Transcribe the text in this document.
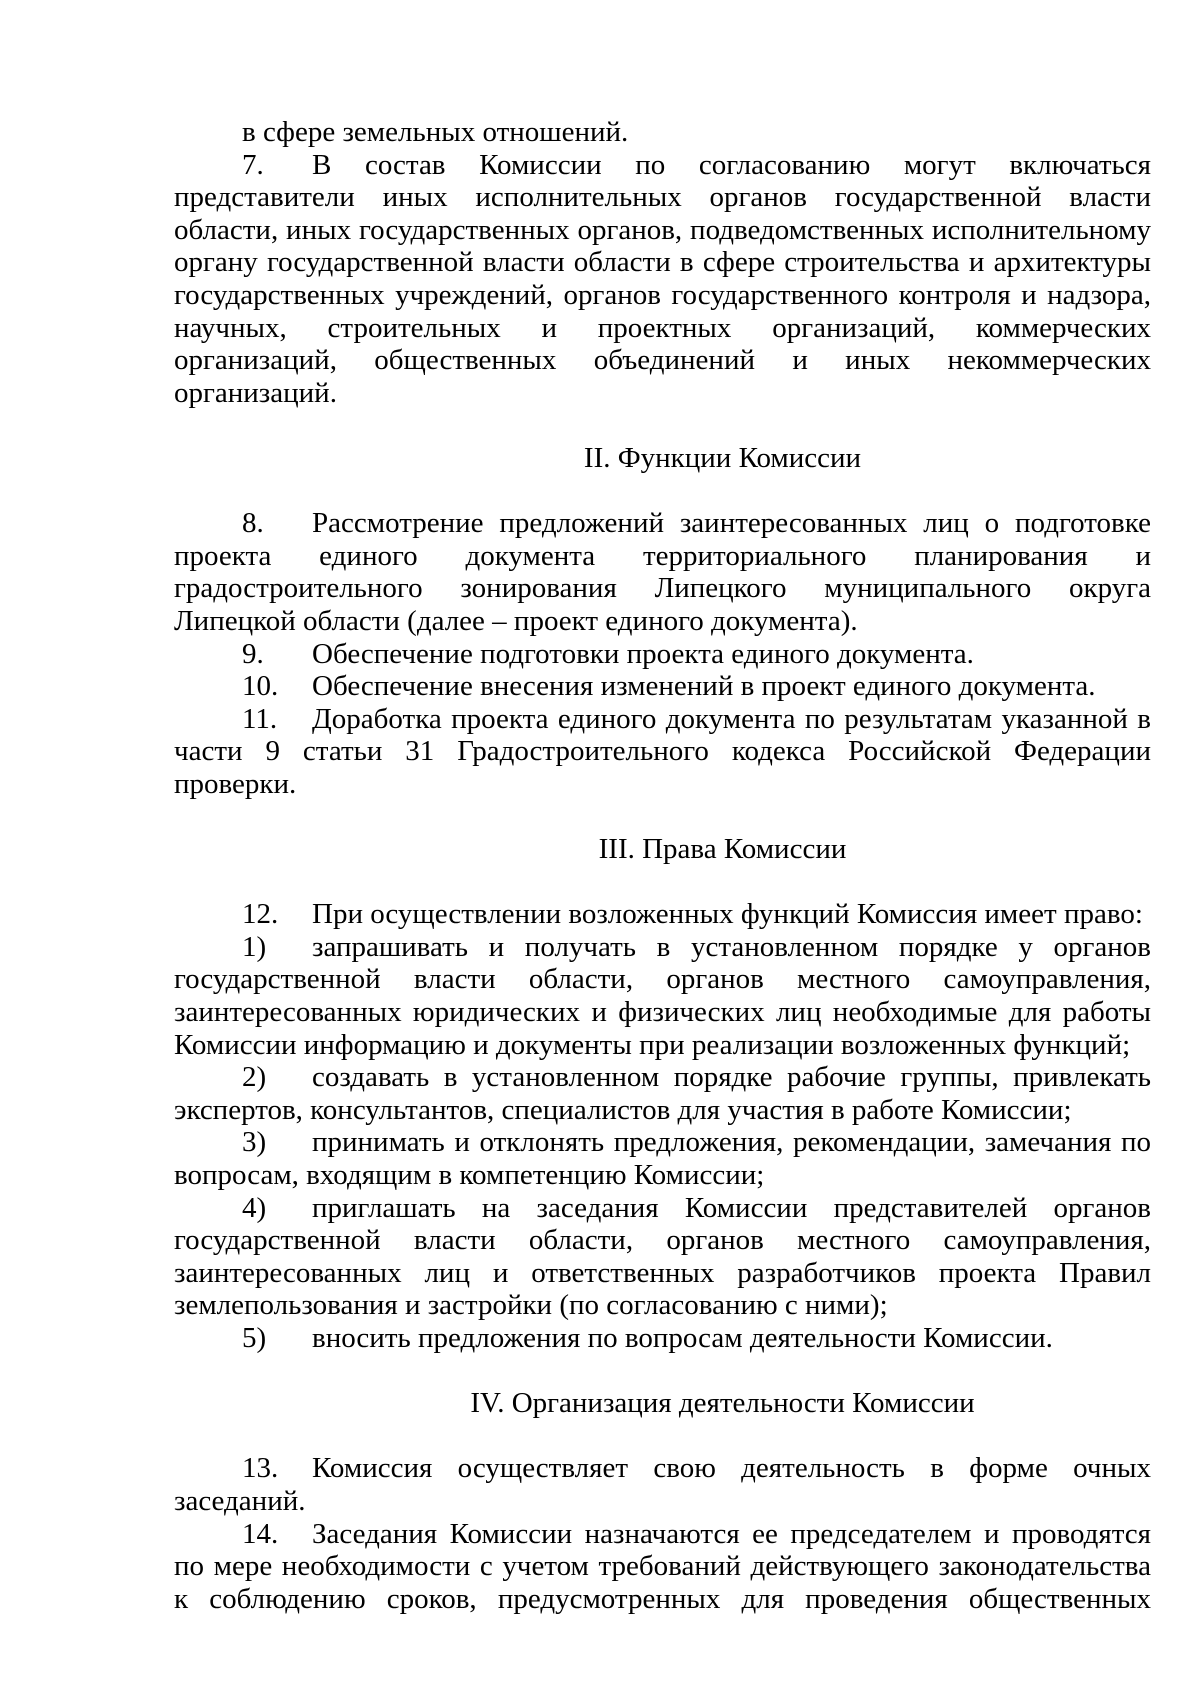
в сфере земельных отношений.

7. В состав Комиссии по согласованию могут включаться представители иных исполнительных органов государственной власти области, иных государственных органов, подведомственных исполнительному органу государственной власти области в сфере строительства и архитектуры государственных учреждений, органов государственного контроля и надзора, научных, строительных и проектных организаций, коммерческих организаций, общественных объединений и иных некоммерческих организаций.

II. Функции Комиссии

8. Рассмотрение предложений заинтересованных лиц о подготовке проекта единого документа территориального планирования и градостроительного зонирования Липецкого муниципального округа Липецкой области (далее – проект единого документа).

9. Обеспечение подготовки проекта единого документа.

10. Обеспечение внесения изменений в проект единого документа.

11. Доработка проекта единого документа по результатам указанной в части 9 статьи 31 Градостроительного кодекса Российской Федерации проверки.

III. Права Комиссии

12. При осуществлении возложенных функций Комиссия имеет право:

1) запрашивать и получать в установленном порядке у органов государственной власти области, органов местного самоуправления, заинтересованных юридических и физических лиц необходимые для работы Комиссии информацию и документы при реализации возложенных функций;

2) создавать в установленном порядке рабочие группы, привлекать экспертов, консультантов, специалистов для участия в работе Комиссии;

3) принимать и отклонять предложения, рекомендации, замечания по вопросам, входящим в компетенцию Комиссии;

4) приглашать на заседания Комиссии представителей органов государственной власти области, органов местного самоуправления, заинтересованных лиц и ответственных разработчиков проекта Правил землепользования и застройки (по согласованию с ними);

5) вносить предложения по вопросам деятельности Комиссии.

IV. Организация деятельности Комиссии

13. Комиссия осуществляет свою деятельность в форме очных заседаний.

14. Заседания Комиссии назначаются ее председателем и проводятся по мере необходимости с учетом требований действующего законодательства к соблюдению сроков, предусмотренных для проведения общественных
